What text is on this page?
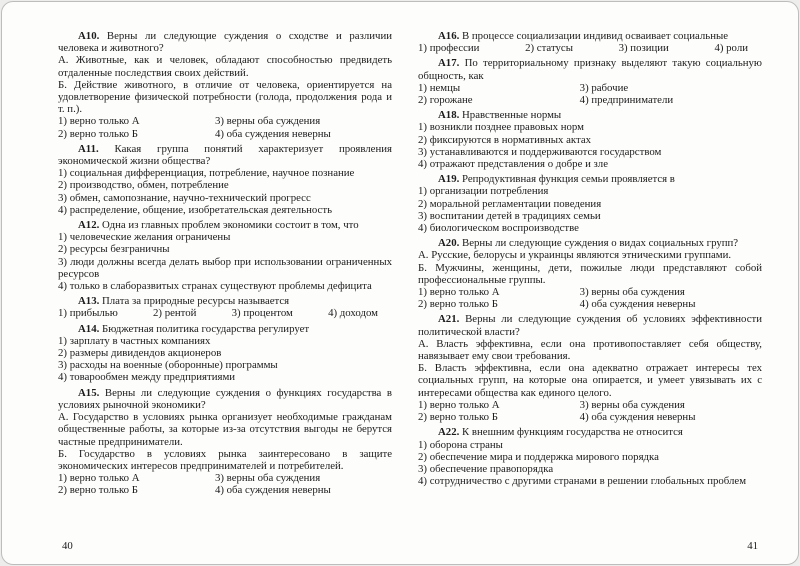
А10. Верны ли следующие суждения о сходстве и различии человека и животного?

А. Животные, как и человек, обладают способностью предвидеть отдаленные последствия своих действий.

Б. Действие животного, в отличие от человека, ориентируется на удовлетворение физической потребности (голода, продолжения рода и т. п.).

1) верно только А	3) верны оба суждения
2) верно только Б	4) оба суждения неверны

А11. Какая группа понятий характеризует проявления экономической жизни общества?

1) социальная дифференциация, потребление, научное познание

2) производство, обмен, потребление

3) обмен, самопознание, научно-технический прогресс

4) распределение, общение, изобретательская деятельность

А12. Одна из главных проблем экономики состоит в том, что

1) человеческие желания ограничены

2) ресурсы безграничны

3) люди должны всегда делать выбор при использовании ограниченных ресурсов

4) только в слаборазвитых странах существуют проблемы дефицита

А13. Плата за природные ресурсы называется

1) прибылью	2) рентой	3) процентом	4) доходом

А14. Бюджетная политика государства регулирует

1) зарплату в частных компаниях

2) размеры дивидендов акционеров

3) расходы на военные (оборонные) программы

4) товарообмен между предприятиями

А15. Верны ли следующие суждения о функциях государства в условиях рыночной экономики?

А. Государство в условиях рынка организует необходимые гражданам общественные работы, за которые из-за отсутствия выгоды не берутся частные предприниматели.

Б. Государство в условиях рынка заинтересовано в защите экономических интересов предпринимателей и потребителей.

1) верно только А	3) верны оба суждения
2) верно только Б	4) оба суждения неверны
40

А16. В процессе социализации индивид осваивает социальные

1) профессии	2) статусы	3) позиции	4) роли

А17. По территориальному признаку выделяют такую социальную общность, как

1) немцы	3) рабочие
2) горожане	4) предприниматели

А18. Нравственные нормы

1) возникли позднее правовых норм

2) фиксируются в нормативных актах

3) устанавливаются и поддерживаются государством

4) отражают представления о добре и зле

А19. Репродуктивная функция семьи проявляется в

1) организации потребления

2) моральной регламентации поведения

3) воспитании детей в традициях семьи

4) биологическом воспроизводстве

А20. Верны ли следующие суждения о видах социальных групп?

А. Русские, белорусы и украинцы являются этническими группами.

Б. Мужчины, женщины, дети, пожилые люди представляют собой профессиональные группы.

1) верно только А	3) верны оба суждения
2) верно только Б	4) оба суждения неверны

А21. Верны ли следующие суждения об условиях эффективности политической власти?

А. Власть эффективна, если она противопоставляет себя обществу, навязывает ему свои требования.

Б. Власть эффективна, если она адекватно отражает интересы тех социальных групп, на которые она опирается, и умеет увязывать их с интересами общества как единого целого.

1) верно только А	3) верны оба суждения
2) верно только Б	4) оба суждения неверны

А22. К внешним функциям государства не относится

1) оборона страны

2) обеспечение мира и поддержка мирового порядка

3) обеспечение правопорядка

4) сотрудничество с другими странами в решении глобальных проблем

41
